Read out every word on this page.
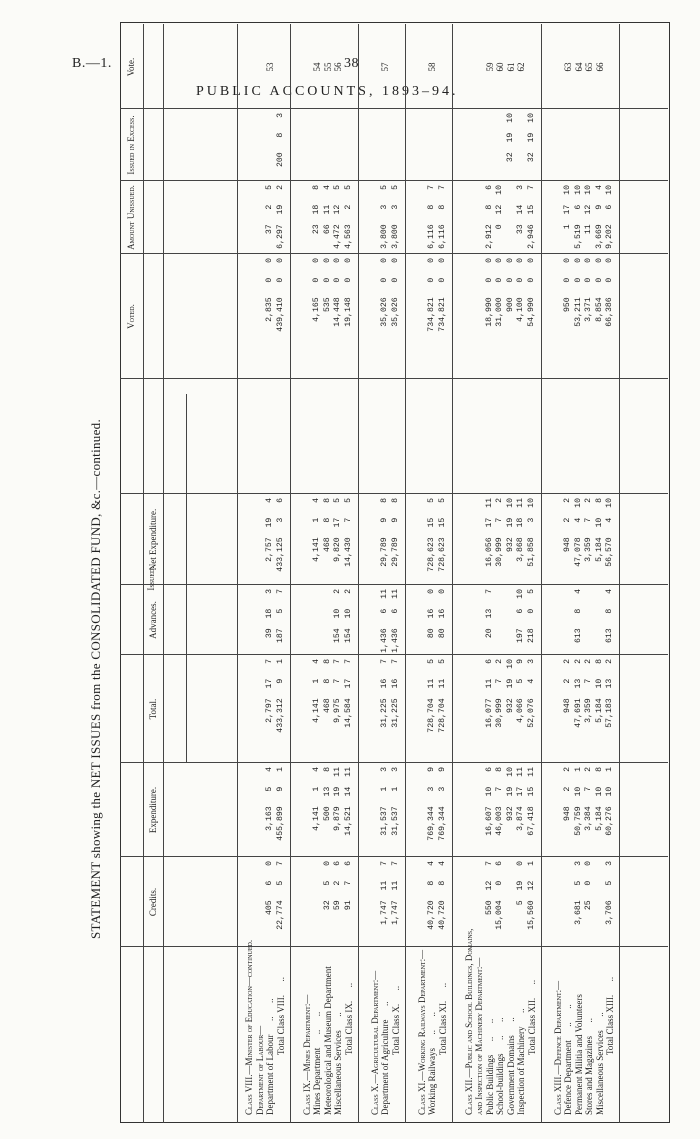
B.—1.	38
PUBLIC ACCOUNTS, 1893–94.
STATEMENT showing the NET ISSUES from the CONSOLIDATED FUND, &c.—continued.
Vote.
Issued.
Expenditure.
Credits.
Net Expenditure.
Advances.
Total.
Voted.
Amount Unissued.
Issued in Excess.
Class VIII.—Minister of Education—continued. Department of Labour—
53
Department of Labour      ..      ..
3,163   5   4
405   6   0
2,757  19   4
39  18   3
2,797  17   7
2,835   0   0
37   2   5
Total Class VIII.      ..
455,899   9   1
22,774   5   7
433,125   3   6
187   5   7
433,312   9   1
439,410   0   0
6,297  19   2
200   8   3
Class IX.—Mines Department:—
54
Mines Department      ..      ..
4,141   1   4
4,141   1   4
4,141   1   4
4,165   0   0
23  18   8
55
Meteorological and Museum Department
500  13   8
32   5   0
468   8   8
468   8   8
535   0   0
66  11   4
56
Miscellaneous Services      ..
9,879  19  11
59   2   6
9,820  17   5
154  10   2
9,975   7   7
14,448   0   0
4,472  12   5
Total Class IX.      ..
14,521  14  11
91   7   6
14,430   7   5
154  10   2
14,584  17   7
19,148   0   0
4,563   2   5
Class X.—Agricultural Department:—
57
Department of Agriculture      ..
31,537   1   3
1,747  11   7
29,789   9   8
1,436   6  11
31,225  16   7
35,026   0   0
3,800   3   5
Total Class X.      ..
31,537   1   3
1,747  11   7
29,789   9   8
1,436   6  11
31,225  16   7
35,026   0   0
3,800   3   5
Class XI.—Working Railways Department:—
58
Working Railways      ..      ..
769,344   3   9
40,720   8   4
728,623  15   5
80  16   0
728,704  11   5
734,821   0   0
6,116   8   7
Total Class XI.      ..
769,344   3   9
40,720   8   4
728,623  15   5
80  16   0
728,704  11   5
734,821   0   0
6,116   8   7
Class XII.—Public and School Buildings, Domains, and Inspection of Machinery Department:—
59
Public Buildings      ..      ..
16,607  10   6
550  12   7
16,056  17  11
20  13   7
16,077  11   6
18,990   0   0
2,912   8   6
60
School-buildings      ..      ..
46,003   7   8
15,004   0   6
30,999   7   2
30,999   7   2
31,000   0   0
0  12  10
61
Government Domains      ..
932  19  10
932  19  10
932  19  10
900   0   0
32  19  10
62
Inspection of Machinery      ..
3,874  17  11
5  19   0
3,868  18  11
197   6  10
4,066   5   9
4,100   0   0
33  14   3
Total Class XII.      ..
67,418  15  11
15,560  12   1
51,858   3  10
218   0   5
52,076   4   3
54,990   0   0
2,946  15   7
32  19  10
Class XIII.—Defence Department:—
63
Defence Department      ..      ..
948   2   2
948   2   2
948   2   2
950   0   0
1  17  10
64
Permanent Militia and Volunteers
50,759  10   1
3,681   5   3
47,078   4  10
613   8   4
47,691  13   2
53,211   0   0
5,519   6  10
65
Stores and Magazines      ..
3,384   7   2
25   0   0
3,359   7   2
3,359   7   2
3,371   0   0
11  12  10
66
Miscellaneous Services      ..
5,184  10   8
5,184  10   8
5,184  10   8
8,854   0   0
3,669   9   4
Total Class XIII.      ..
60,276  10   1
3,706   5   3
56,570   4  10
613   8   4
57,183  13   2
66,386   0   0
9,202   6  10
